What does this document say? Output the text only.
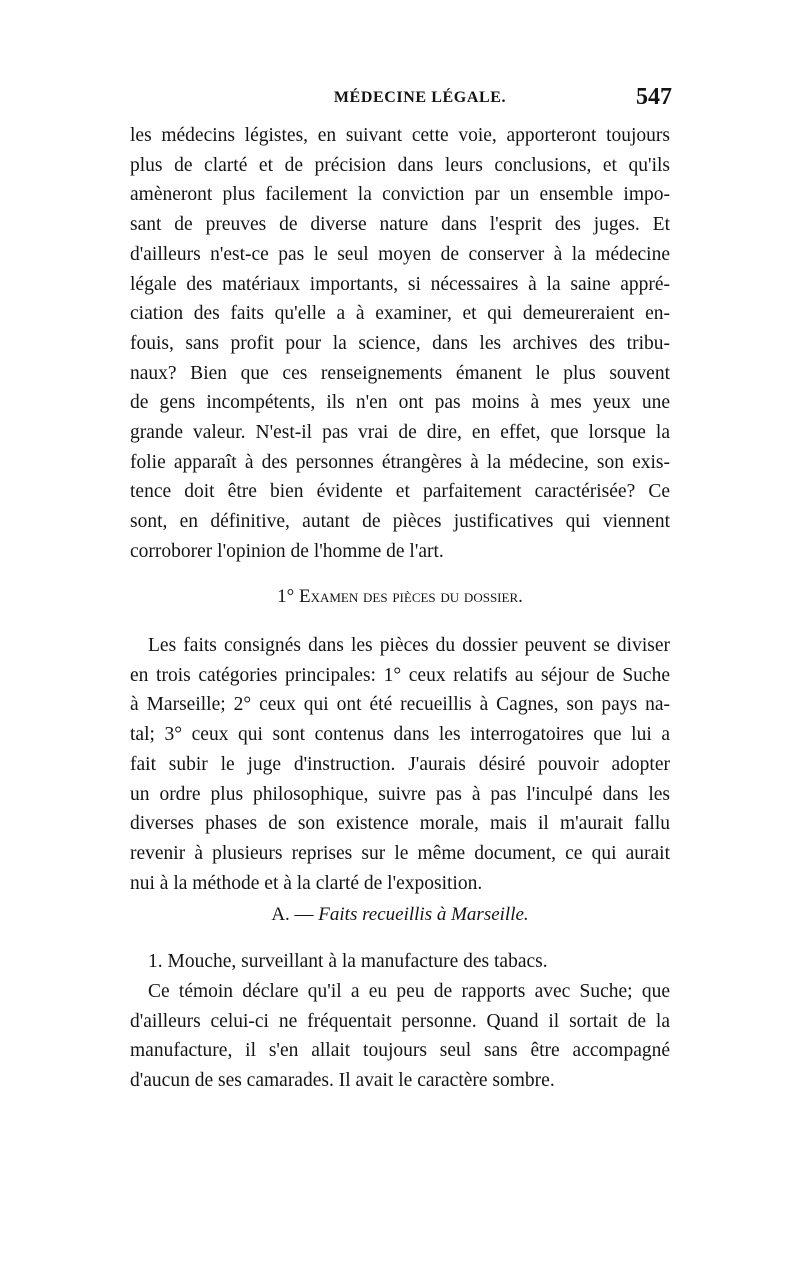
MÉDECINE LÉGALE.	547

les médecins légistes, en suivant cette voie, apporteront toujours
plus de clarté et de précision dans leurs conclusions, et qu'ils
amèneront plus facilement la conviction par un ensemble impo-
sant de preuves de diverse nature dans l'esprit des juges. Et
d'ailleurs n'est-ce pas le seul moyen de conserver à la médecine
légale des matériaux importants, si nécessaires à la saine appré-
ciation des faits qu'elle a à examiner, et qui demeureraient en-
fouis, sans profit pour la science, dans les archives des tribu-
naux? Bien que ces renseignements émanent le plus souvent
de gens incompétents, ils n'en ont pas moins à mes yeux une
grande valeur. N'est-il pas vrai de dire, en effet, que lorsque la
folie apparaît à des personnes étrangères à la médecine, son exis-
tence doit être bien évidente et parfaitement caractérisée? Ce
sont, en définitive, autant de pièces justificatives qui viennent
corroborer l'opinion de l'homme de l'art.

1° Examen des pièces du dossier.

Les faits consignés dans les pièces du dossier peuvent se diviser
en trois catégories principales: 1° ceux relatifs au séjour de Suche
à Marseille; 2° ceux qui ont été recueillis à Cagnes, son pays na-
tal; 3° ceux qui sont contenus dans les interrogatoires que lui a
fait subir le juge d'instruction. J'aurais désiré pouvoir adopter
un ordre plus philosophique, suivre pas à pas l'inculpé dans les
diverses phases de son existence morale, mais il m'aurait fallu
revenir à plusieurs reprises sur le même document, ce qui aurait
nui à la méthode et à la clarté de l'exposition.

A. — Faits recueillis à Marseille.

1. Mouche, surveillant à la manufacture des tabacs.

Ce témoin déclare qu'il a eu peu de rapports avec Suche; que
d'ailleurs celui-ci ne fréquentait personne. Quand il sortait de la
manufacture, il s'en allait toujours seul sans être accompagné
d'aucun de ses camarades. Il avait le caractère sombre.
